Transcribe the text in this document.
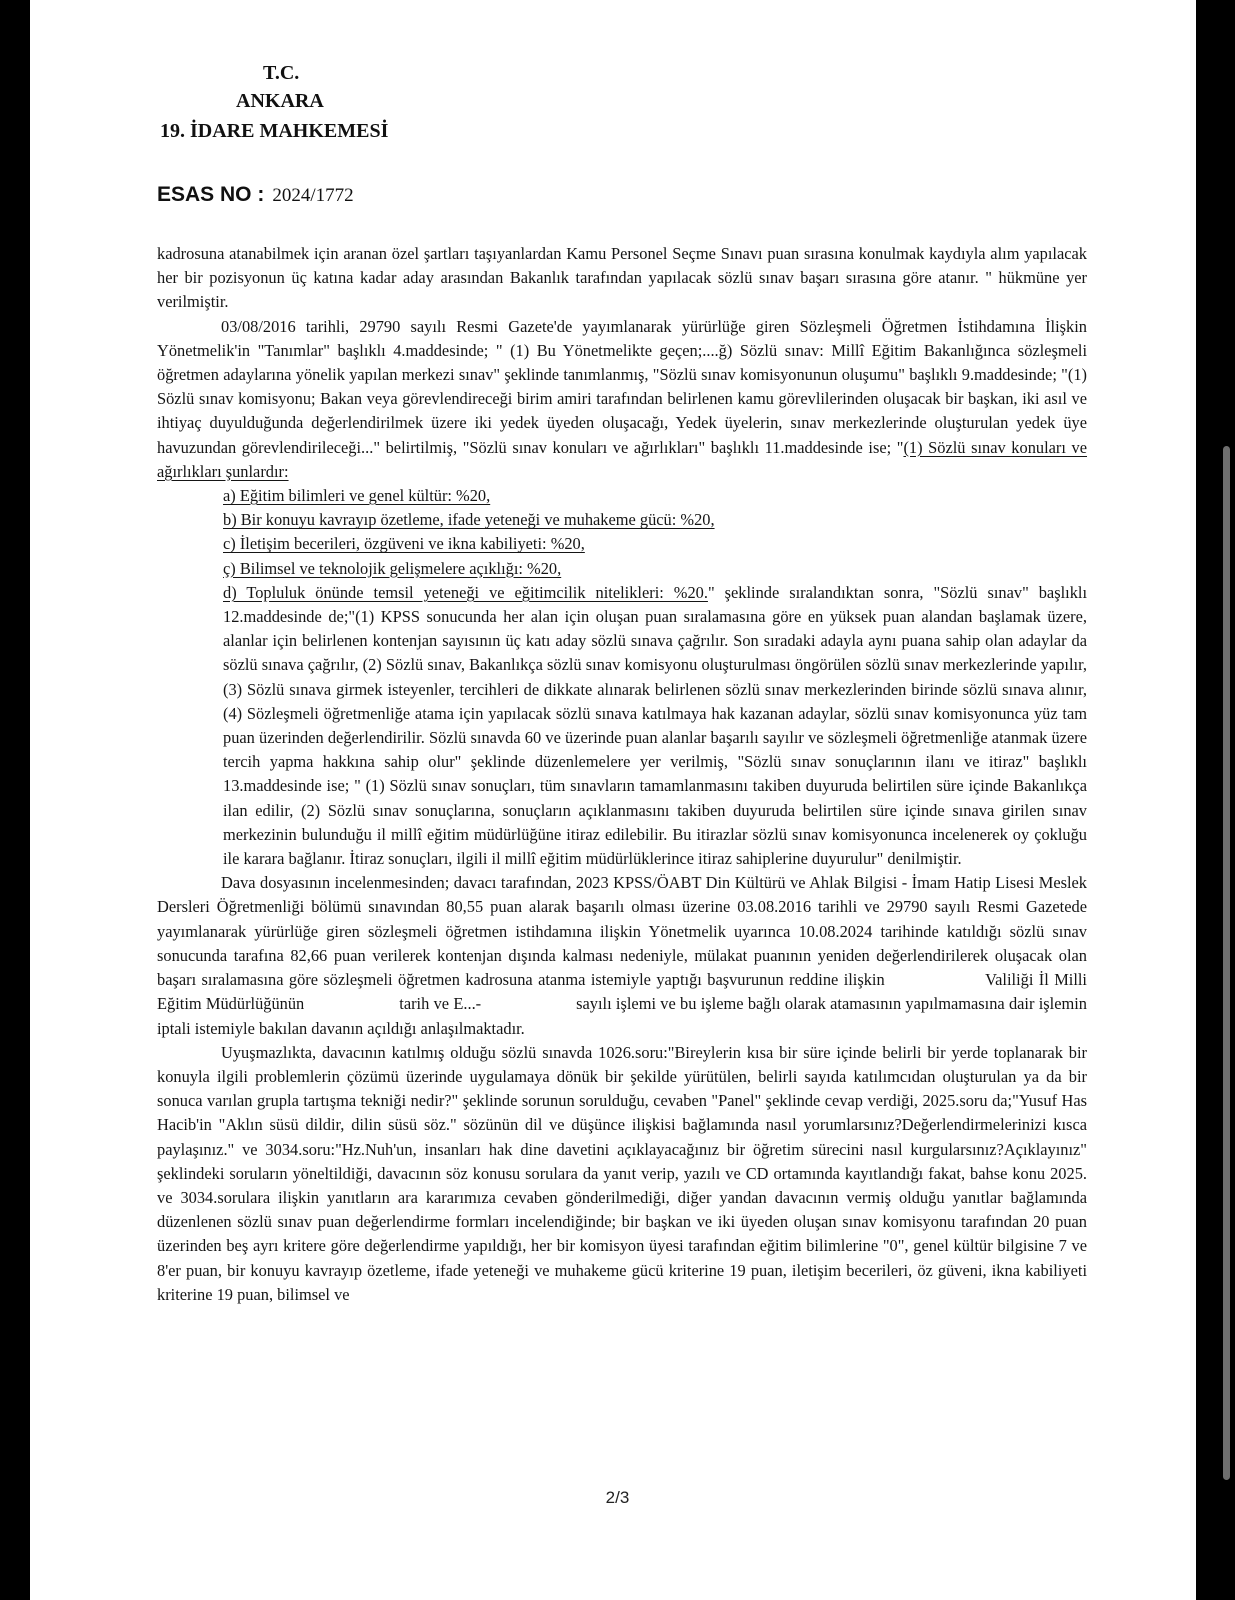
T.C.
ANKARA
19. İDARE MAHKEMESİ
ESAS NO : 2024/1772

kadrosuna atanabilmek için aranan özel şartları taşıyanlardan Kamu Personel Seçme Sınavı puan sırasına konulmak kaydıyla alım yapılacak her bir pozisyonun üç katına kadar aday arasından Bakanlık tarafından yapılacak sözlü sınav başarı sırasına göre atanır. " hükmüne yer verilmiştir.

03/08/2016 tarihli, 29790 sayılı Resmi Gazete'de yayımlanarak yürürlüğe giren Sözleşmeli Öğretmen İstihdamına İlişkin Yönetmelik'in "Tanımlar" başlıklı 4.maddesinde; " (1) Bu Yönetmelikte geçen;....ğ) Sözlü sınav: Millî Eğitim Bakanlığınca sözleşmeli öğretmen adaylarına yönelik yapılan merkezi sınav" şeklinde tanımlanmış, "Sözlü sınav komisyonunun oluşumu" başlıklı 9.maddesinde; "(1) Sözlü sınav komisyonu; Bakan veya görevlendireceği birim amiri tarafından belirlenen kamu görevlilerinden oluşacak bir başkan, iki asıl ve ihtiyaç duyulduğunda değerlendirilmek üzere iki yedek üyeden oluşacağı, Yedek üyelerin, sınav merkezlerinde oluşturulan yedek üye havuzundan görevlendirileceği..." belirtilmiş, "Sözlü sınav konuları ve ağırlıkları" başlıklı 11.maddesinde ise; "(1) Sözlü sınav konuları ve ağırlıkları şunlardır:

a) Eğitim bilimleri ve genel kültür: %20,

b) Bir konuyu kavrayıp özetleme, ifade yeteneği ve muhakeme gücü: %20,

c) İletişim becerileri, özgüveni ve ikna kabiliyeti: %20,

ç) Bilimsel ve teknolojik gelişmelere açıklığı: %20,

d) Topluluk önünde temsil yeteneği ve eğitimcilik nitelikleri: %20." şeklinde sıralandıktan sonra, "Sözlü sınav" başlıklı 12.maddesinde de;"(1) KPSS sonucunda her alan için oluşan puan sıralamasına göre en yüksek puan alandan başlamak üzere, alanlar için belirlenen kontenjan sayısının üç katı aday sözlü sınava çağrılır. Son sıradaki adayla aynı puana sahip olan adaylar da sözlü sınava çağrılır, (2) Sözlü sınav, Bakanlıkça sözlü sınav komisyonu oluşturulması öngörülen sözlü sınav merkezlerinde yapılır, (3) Sözlü sınava girmek isteyenler, tercihleri de dikkate alınarak belirlenen sözlü sınav merkezlerinden birinde sözlü sınava alınır, (4) Sözleşmeli öğretmenliğe atama için yapılacak sözlü sınava katılmaya hak kazanan adaylar, sözlü sınav komisyonunca yüz tam puan üzerinden değerlendirilir. Sözlü sınavda 60 ve üzerinde puan alanlar başarılı sayılır ve sözleşmeli öğretmenliğe atanmak üzere tercih yapma hakkına sahip olur" şeklinde düzenlemelere yer verilmiş, "Sözlü sınav sonuçlarının ilanı ve itiraz" başlıklı 13.maddesinde ise; " (1) Sözlü sınav sonuçları, tüm sınavların tamamlanmasını takiben duyuruda belirtilen süre içinde Bakanlıkça ilan edilir, (2) Sözlü sınav sonuçlarına, sonuçların açıklanmasını takiben duyuruda belirtilen süre içinde sınava girilen sınav merkezinin bulunduğu il millî eğitim müdürlüğüne itiraz edilebilir. Bu itirazlar sözlü sınav komisyonunca incelenerek oy çokluğu ile karara bağlanır. İtiraz sonuçları, ilgili il millî eğitim müdürlüklerince itiraz sahiplerine duyurulur" denilmiştir.

Dava dosyasının incelenmesinden; davacı tarafından, 2023 KPSS/ÖABT Din Kültürü ve Ahlak Bilgisi - İmam Hatip Lisesi Meslek Dersleri Öğretmenliği bölümü sınavından 80,55 puan alarak başarılı olması üzerine 03.08.2016 tarihli ve 29790 sayılı Resmi Gazetede yayımlanarak yürürlüğe giren sözleşmeli öğretmen istihdamına ilişkin Yönetmelik uyarınca 10.08.2024 tarihinde katıldığı sözlü sınav sonucunda tarafına 82,66 puan verilerek kontenjan dışında kalması nedeniyle, mülakat puanının yeniden değerlendirilerek oluşacak olan başarı sıralamasına göre sözleşmeli öğretmen kadrosuna atanma istemiyle yaptığı başvurunun reddine ilişkin	Valiliği İl Milli Eğitim Müdürlüğünün	tarih ve E...-	sayılı işlemi ve bu işleme bağlı olarak atamasının yapılmamasına dair işlemin iptali istemiyle bakılan davanın açıldığı anlaşılmaktadır.

Uyuşmazlıkta, davacının katılmış olduğu sözlü sınavda 1026.soru:"Bireylerin kısa bir süre içinde belirli bir yerde toplanarak bir konuyla ilgili problemlerin çözümü üzerinde uygulamaya dönük bir şekilde yürütülen, belirli sayıda katılımcıdan oluşturulan ya da bir sonuca varılan grupla tartışma tekniği nedir?" şeklinde sorunun sorulduğu, cevaben "Panel" şeklinde cevap verdiği, 2025.soru da;"Yusuf Has Hacib'in "Aklın süsü dildir, dilin süsü söz." sözünün dil ve düşünce ilişkisi bağlamında nasıl yorumlarsınız?Değerlendirmelerinizi kısca paylaşınız." ve 3034.soru:"Hz.Nuh'un, insanları hak dine davetini açıklayacağınız bir öğretim sürecini nasıl kurgularsınız?Açıklayınız" şeklindeki soruların yöneltildiği, davacının söz konusu sorulara da yanıt verip, yazılı ve CD ortamında kayıtlandığı fakat, bahse konu 2025. ve 3034.sorulara ilişkin yanıtların ara kararımıza cevaben gönderilmediği, diğer yandan davacının vermiş olduğu yanıtlar bağlamında düzenlenen sözlü sınav puan değerlendirme formları incelendiğinde; bir başkan ve iki üyeden oluşan sınav komisyonu tarafından 20 puan üzerinden beş ayrı kritere göre değerlendirme yapıldığı, her bir komisyon üyesi tarafından eğitim bilimlerine "0", genel kültür bilgisine 7 ve 8'er puan, bir konuyu kavrayıp özetleme, ifade yeteneği ve muhakeme gücü kriterine 19 puan, iletişim becerileri, öz güveni, ikna kabiliyeti kriterine 19 puan, bilimsel ve

2/3
